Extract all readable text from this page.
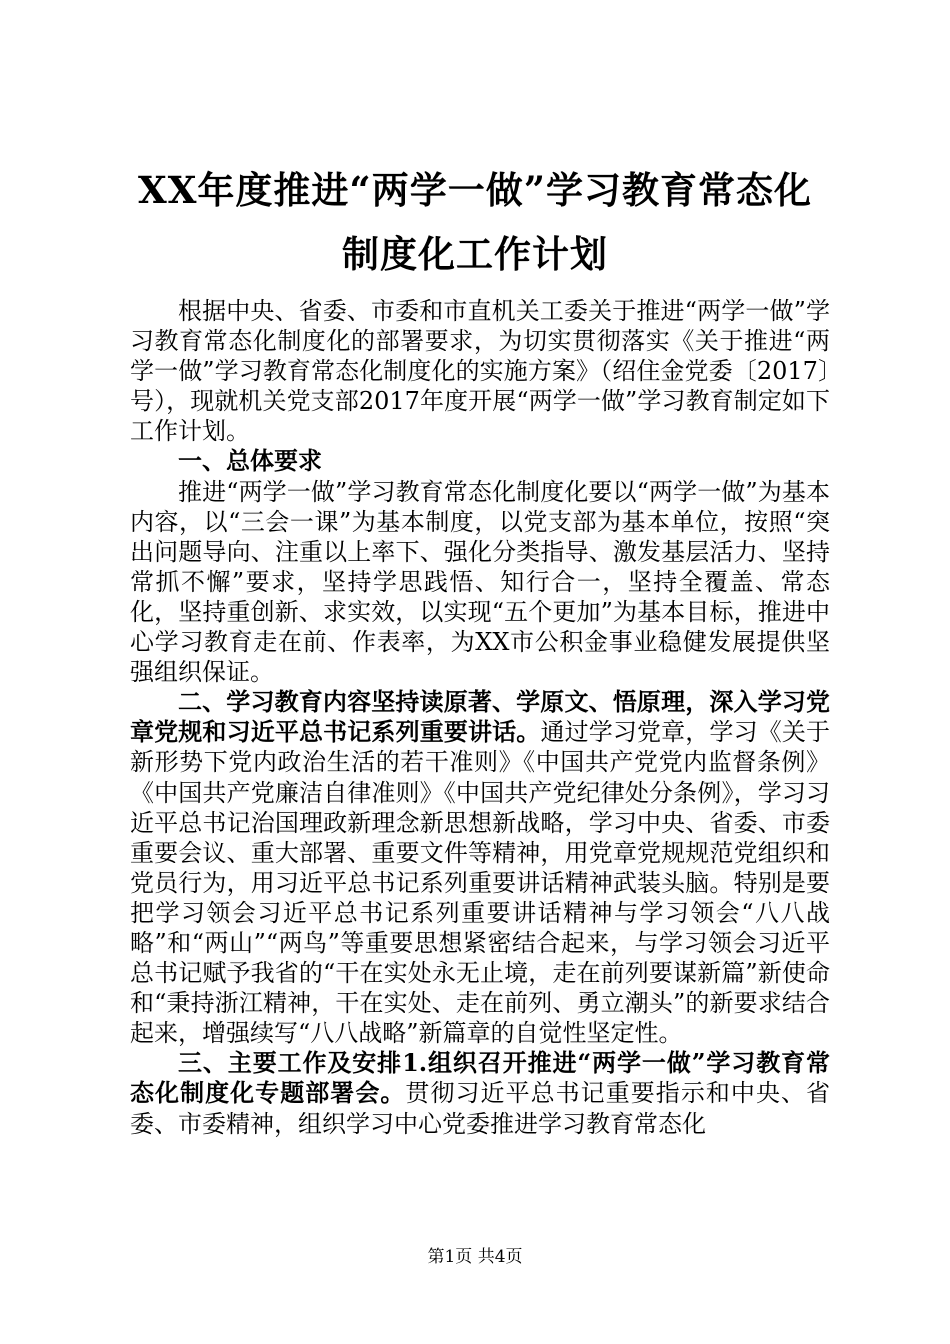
XX年度推进“两学一做”学习教育常态化制度化工作计划

根据中央、省委、市委和市直机关工委关于推进“两学一做”学习教育常态化制度化的部署要求，为切实贯彻落实《关于推进“两学一做”学习教育常态化制度化的实施方案》（绍住金党委〔2017〕号），现就机关党支部2017年度开展“两学一做”学习教育制定如下工作计划。

一、总体要求

推进“两学一做”学习教育常态化制度化要以“两学一做”为基本内容，以“三会一课”为基本制度，以党支部为基本单位，按照“突出问题导向、注重以上率下、强化分类指导、激发基层活力、坚持常抓不懈”要求，坚持学思践悟、知行合一，坚持全覆盖、常态化，坚持重创新、求实效，以实现“五个更加”为基本目标，推进中心学习教育走在前、作表率，为XX市公积金事业稳健发展提供坚强组织保证。

二、学习教育内容坚持读原著、学原文、悟原理，深入学习党章党规和习近平总书记系列重要讲话。通过学习党章，学习《关于新形势下党内政治生活的若干准则》《中国共产党党内监督条例》《中国共产党廉洁自律准则》《中国共产党纪律处分条例》，学习习近平总书记治国理政新理念新思想新战略，学习中央、省委、市委重要会议、重大部署、重要文件等精神，用党章党规规范党组织和党员行为，用习近平总书记系列重要讲话精神武装头脑。特别是要把学习领会习近平总书记系列重要讲话精神与学习领会“八八战略”和“两山”“两鸟”等重要思想紧密结合起来，与学习领会习近平总书记赋予我省的“干在实处永无止境，走在前列要谋新篇”新使命和“秉持浙江精神，干在实处、走在前列、勇立潮头”的新要求结合起来，增强续写“八八战略”新篇章的自觉性坚定性。

三、主要工作及安排1.组织召开推进“两学一做”学习教育常态化制度化专题部署会。贯彻习近平总书记重要指示和中央、省委、市委精神，组织学习中心党委推进学习教育常态化

第1页 共4页
